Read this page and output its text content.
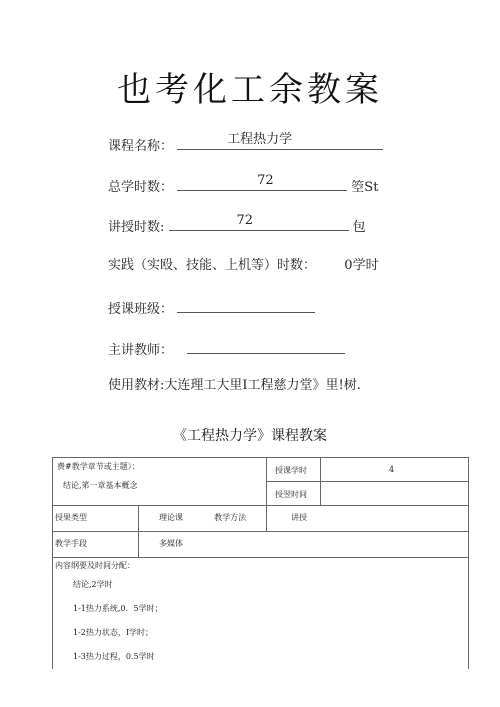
也考化工余教案
课程名称：	工程热力学
总学时数：	72	箜St
讲授时数:	72	包
实践（实殴、技能、上机等）时数： 0学时
授课班级：
主讲教师：
使用教材:大连理工大里I工程慈力堂》里!树.
《工程热力学》课程教案
费#教学章节或主题）：
结论,笫一章基本概念		授课学时	4

		授翌时间	

授果类型	理论课 教学方法	讲授	

教学手段	多媒体		

内容纲要及时间分配：
结论,2学时
1-1热力系统,0．5学时；
1-2热力状态，I学时；
1-3热力过程，0.5学时			
